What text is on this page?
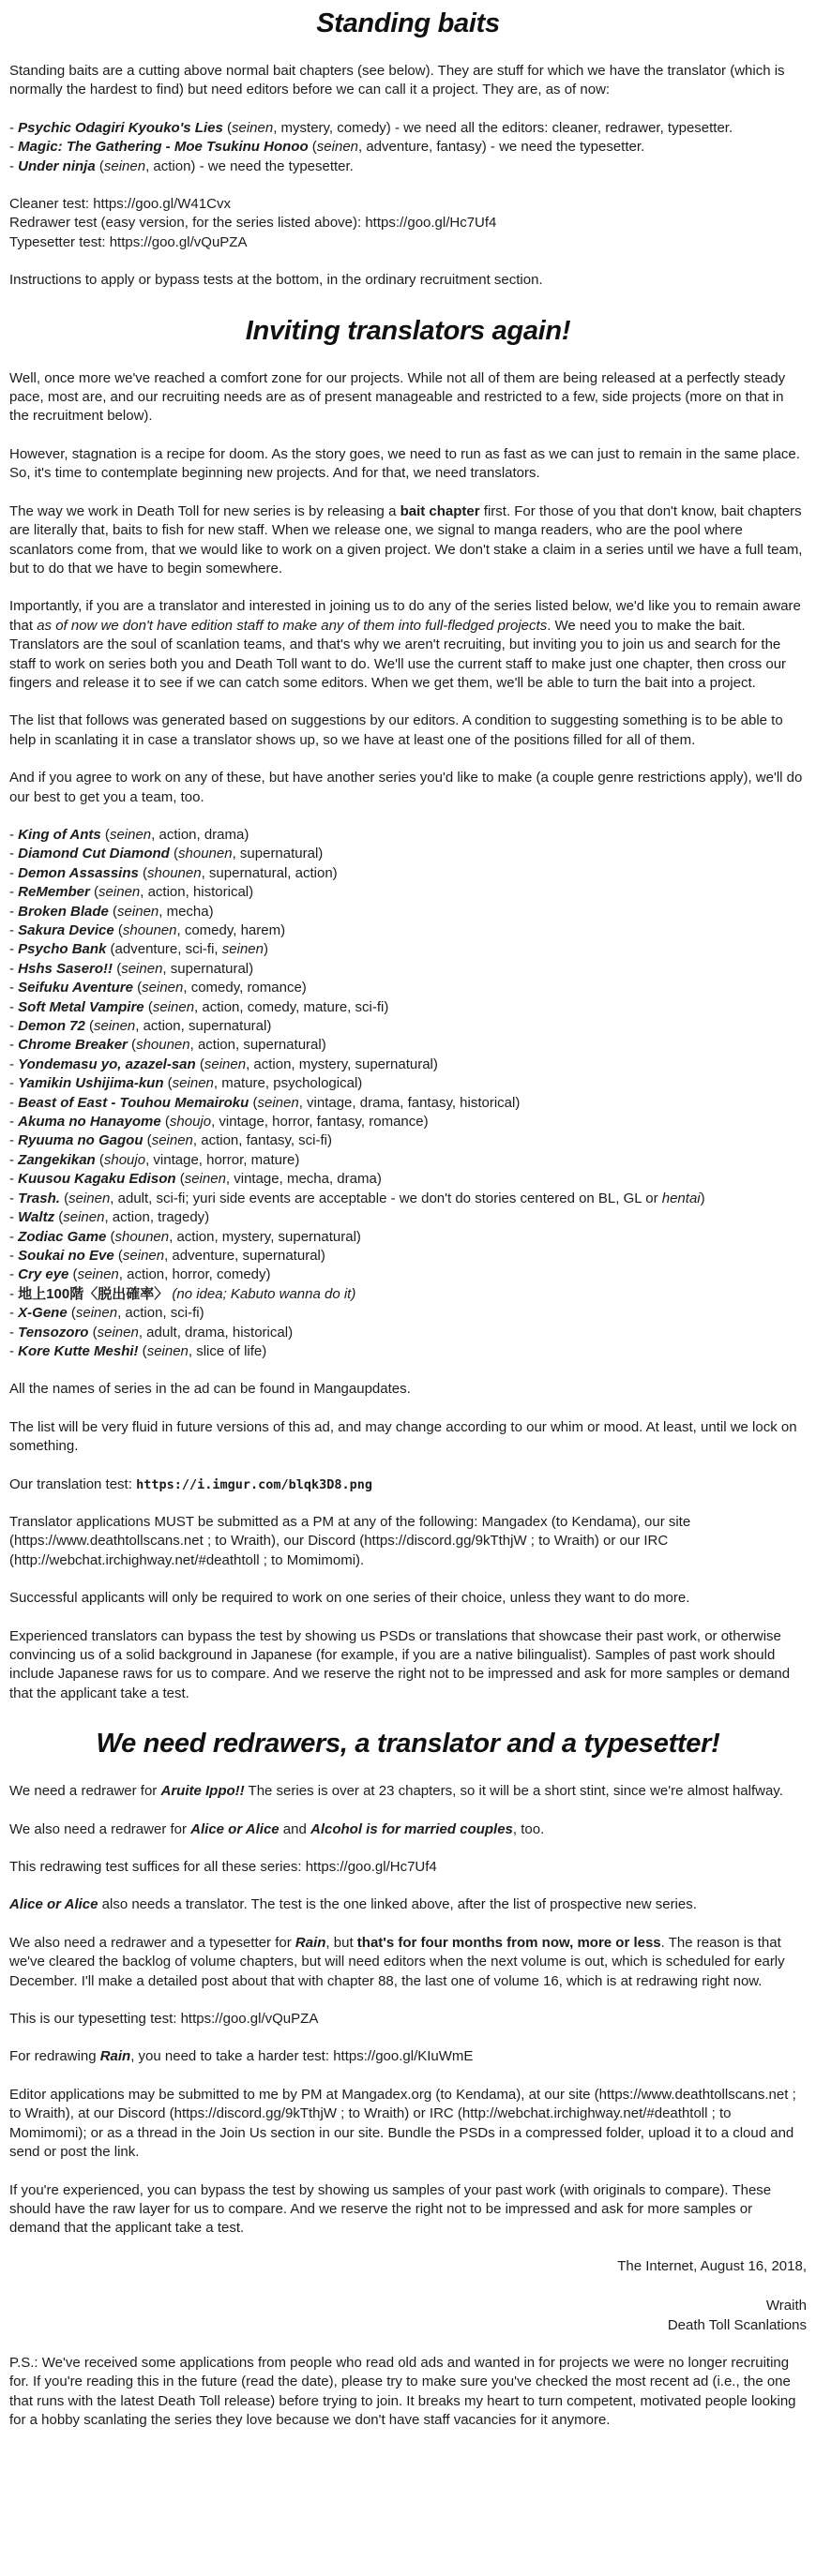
Standing baits
Standing baits are a cutting above normal bait chapters (see below). They are stuff for which we have the translator (which is normally the hardest to find) but need editors before we can call it a project. They are, as of now:
- Psychic Odagiri Kyouko's Lies (seinen, mystery, comedy) - we need all the editors: cleaner, redrawer, typesetter.
- Magic: The Gathering - Moe Tsukinu Honoo (seinen, adventure, fantasy) - we need the typesetter.
- Under ninja (seinen, action) - we need the typesetter.
Cleaner test: https://goo.gl/W41Cvx
Redrawer test (easy version, for the series listed above): https://goo.gl/Hc7Uf4
Typesetter test: https://goo.gl/vQuPZA
Instructions to apply or bypass tests at the bottom, in the ordinary recruitment section.
Inviting translators again!
Well, once more we've reached a comfort zone for our projects. While not all of them are being released at a perfectly steady pace, most are, and our recruiting needs are as of present manageable and restricted to a few, side projects (more on that in the recruitment below).
However, stagnation is a recipe for doom. As the story goes, we need to run as fast as we can just to remain in the same place. So, it's time to contemplate beginning new projects. And for that, we need translators.
The way we work in Death Toll for new series is by releasing a bait chapter first. For those of you that don't know, bait chapters are literally that, baits to fish for new staff. When we release one, we signal to manga readers, who are the pool where scanlators come from, that we would like to work on a given project. We don't stake a claim in a series until we have a full team, but to do that we have to begin somewhere.
Importantly, if you are a translator and interested in joining us to do any of the series listed below, we'd like you to remain aware that as of now we don't have edition staff to make any of them into full-fledged projects. We need you to make the bait. Translators are the soul of scanlation teams, and that's why we aren't recruiting, but inviting you to join us and search for the staff to work on series both you and Death Toll want to do. We'll use the current staff to make just one chapter, then cross our fingers and release it to see if we can catch some editors. When we get them, we'll be able to turn the bait into a project.
The list that follows was generated based on suggestions by our editors. A condition to suggesting something is to be able to help in scanlating it in case a translator shows up, so we have at least one of the positions filled for all of them.
And if you agree to work on any of these, but have another series you'd like to make (a couple genre restrictions apply), we'll do our best to get you a team, too.
- King of Ants (seinen, action, drama)
- Diamond Cut Diamond (shounen, supernatural)
- Demon Assassins (shounen, supernatural, action)
- ReMember (seinen, action, historical)
- Broken Blade (seinen, mecha)
- Sakura Device (shounen, comedy, harem)
- Psycho Bank (adventure, sci-fi, seinen)
- Hshs Sasero!! (seinen, supernatural)
- Seifuku Aventure (seinen, comedy, romance)
- Soft Metal Vampire (seinen, action, comedy, mature, sci-fi)
- Demon 72 (seinen, action, supernatural)
- Chrome Breaker (shounen, action, supernatural)
- Yondemasu yo, azazel-san (seinen, action, mystery, supernatural)
- Yamikin Ushijima-kun (seinen, mature, psychological)
- Beast of East - Touhou Memairoku (seinen, vintage, drama, fantasy, historical)
- Akuma no Hanayome (shoujo, vintage, horror, fantasy, romance)
- Ryuuma no Gagou (seinen, action, fantasy, sci-fi)
- Zangekikan (shoujo, vintage, horror, mature)
- Kuusou Kagaku Edison (seinen, vintage, mecha, drama)
- Trash. (seinen, adult, sci-fi; yuri side events are acceptable - we don't do stories centered on BL, GL or hentai)
- Waltz (seinen, action, tragedy)
- Zodiac Game (shounen, action, mystery, supernatural)
- Soukai no Eve (seinen, adventure, supernatural)
- Cry eye (seinen, action, horror, comedy)
- 地上100階〈脱出確率〉 (no idea; Kabuto wanna do it)
- X-Gene (seinen, action, sci-fi)
- Tensozoro (seinen, adult, drama, historical)
- Kore Kutte Meshi! (seinen, slice of life)
All the names of series in the ad can be found in Mangaupdates.
The list will be very fluid in future versions of this ad, and may change according to our whim or mood. At least, until we lock on something.
Our translation test: https://i.imgur.com/blqk3D8.png
Translator applications MUST be submitted as a PM at any of the following: Mangadex (to Kendama), our site (https://www.deathtollscans.net ; to Wraith), our Discord (https://discord.gg/9kTthjW ; to Wraith) or our IRC (http://webchat.irchighway.net/#deathtoll ; to Momimomi).
Successful applicants will only be required to work on one series of their choice, unless they want to do more.
Experienced translators can bypass the test by showing us PSDs or translations that showcase their past work, or otherwise convincing us of a solid background in Japanese (for example, if you are a native bilingualist). Samples of past work should include Japanese raws for us to compare. And we reserve the right not to be impressed and ask for more samples or demand that the applicant take a test.
We need redrawers, a translator and a typesetter!
We need a redrawer for Aruite Ippo!! The series is over at 23 chapters, so it will be a short stint, since we're almost halfway.
We also need a redrawer for Alice or Alice and Alcohol is for married couples, too.
This redrawing test suffices for all these series: https://goo.gl/Hc7Uf4
Alice or Alice also needs a translator. The test is the one linked above, after the list of prospective new series.
We also need a redrawer and a typesetter for Rain, but that's for four months from now, more or less. The reason is that we've cleared the backlog of volume chapters, but will need editors when the next volume is out, which is scheduled for early December. I'll make a detailed post about that with chapter 88, the last one of volume 16, which is at redrawing right now.
This is our typesetting test: https://goo.gl/vQuPZA
For redrawing Rain, you need to take a harder test: https://goo.gl/KIuWmE
Editor applications may be submitted to me by PM at Mangadex.org (to Kendama), at our site (https://www.deathtollscans.net ; to Wraith), at our Discord (https://discord.gg/9kTthjW ; to Wraith) or IRC (http://webchat.irchighway.net/#deathtoll ; to Momimomi); or as a thread in the Join Us section in our site. Bundle the PSDs in a compressed folder, upload it to a cloud and send or post the link.
If you're experienced, you can bypass the test by showing us samples of your past work (with originals to compare). These should have the raw layer for us to compare. And we reserve the right not to be impressed and ask for more samples or demand that the applicant take a test.
The Internet, August 16, 2018,
Wraith
Death Toll Scanlations
P.S.: We've received some applications from people who read old ads and wanted in for projects we were no longer recruiting for. If you're reading this in the future (read the date), please try to make sure you've checked the most recent ad (i.e., the one that runs with the latest Death Toll release) before trying to join. It breaks my heart to turn competent, motivated people looking for a hobby scanlating the series they love because we don't have staff vacancies for it anymore.
